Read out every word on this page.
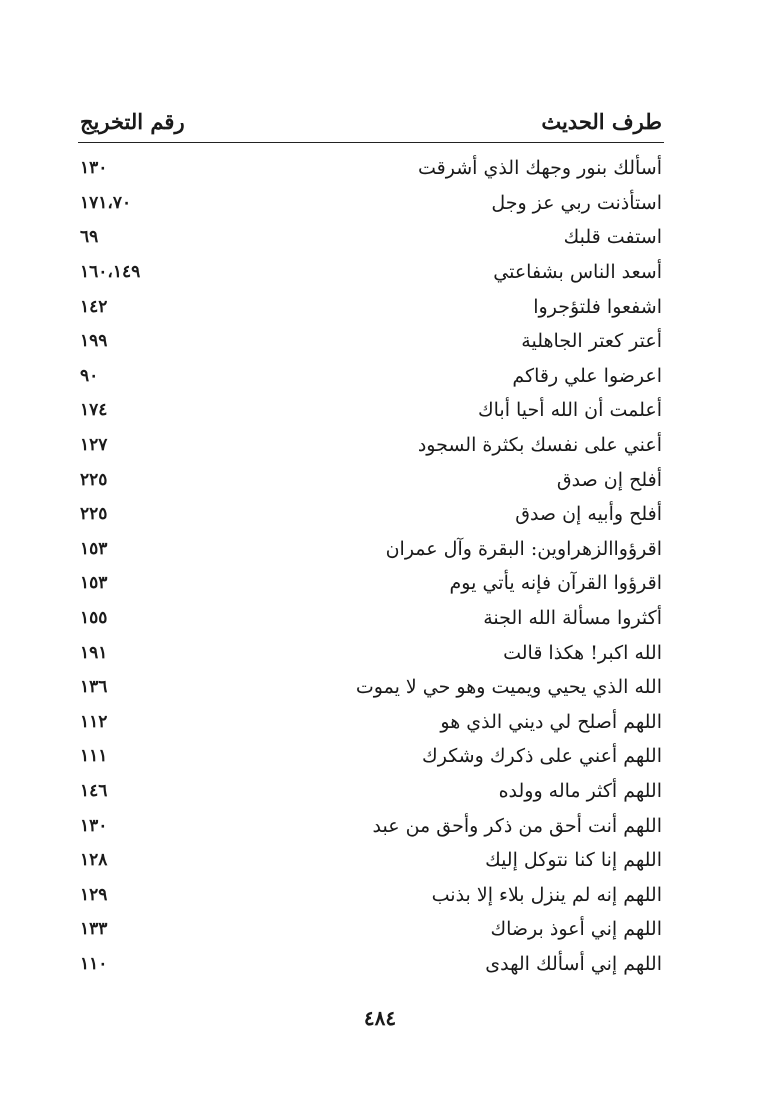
طرف الحديث
رقم التخريج
أسألك بنور وجهك الذي أشرقت
١٣٠
استأذنت ربي عز وجل
١٧١،٧٠
استفت قلبك
٦٩
أسعد الناس بشفاعتي
١٦٠،١٤٩
اشفعوا فلتؤجروا
١٤٢
أعتر كعتر الجاهلية
١٩٩
اعرضوا علي رقاكم
٩٠
أعلمت أن الله أحيا أباك
١٧٤
أعني على نفسك بكثرة السجود
١٢٧
أفلح إن صدق
٢٢٥
أفلح وأبيه إن صدق
٢٢٥
اقرؤواالزهراوين: البقرة وآل عمران
١٥٣
اقرؤوا القرآن فإنه يأتي يوم
١٥٣
أكثروا مسألة الله الجنة
١٥٥
الله اكبر! هكذا قالت
١٩١
الله الذي يحيي ويميت وهو حي لا يموت
١٣٦
اللهم أصلح لي ديني الذي هو
١١٢
اللهم أعني على ذكرك وشكرك
١١١
اللهم أكثر ماله وولده
١٤٦
اللهم أنت أحق من ذكر وأحق من عبد
١٣٠
اللهم إنا كنا نتوكل إليك
١٢٨
اللهم إنه لم ينزل بلاء إلا بذنب
١٢٩
اللهم إني أعوذ برضاك
١٣٣
اللهم إني أسألك الهدى
١١٠
٤٨٤
